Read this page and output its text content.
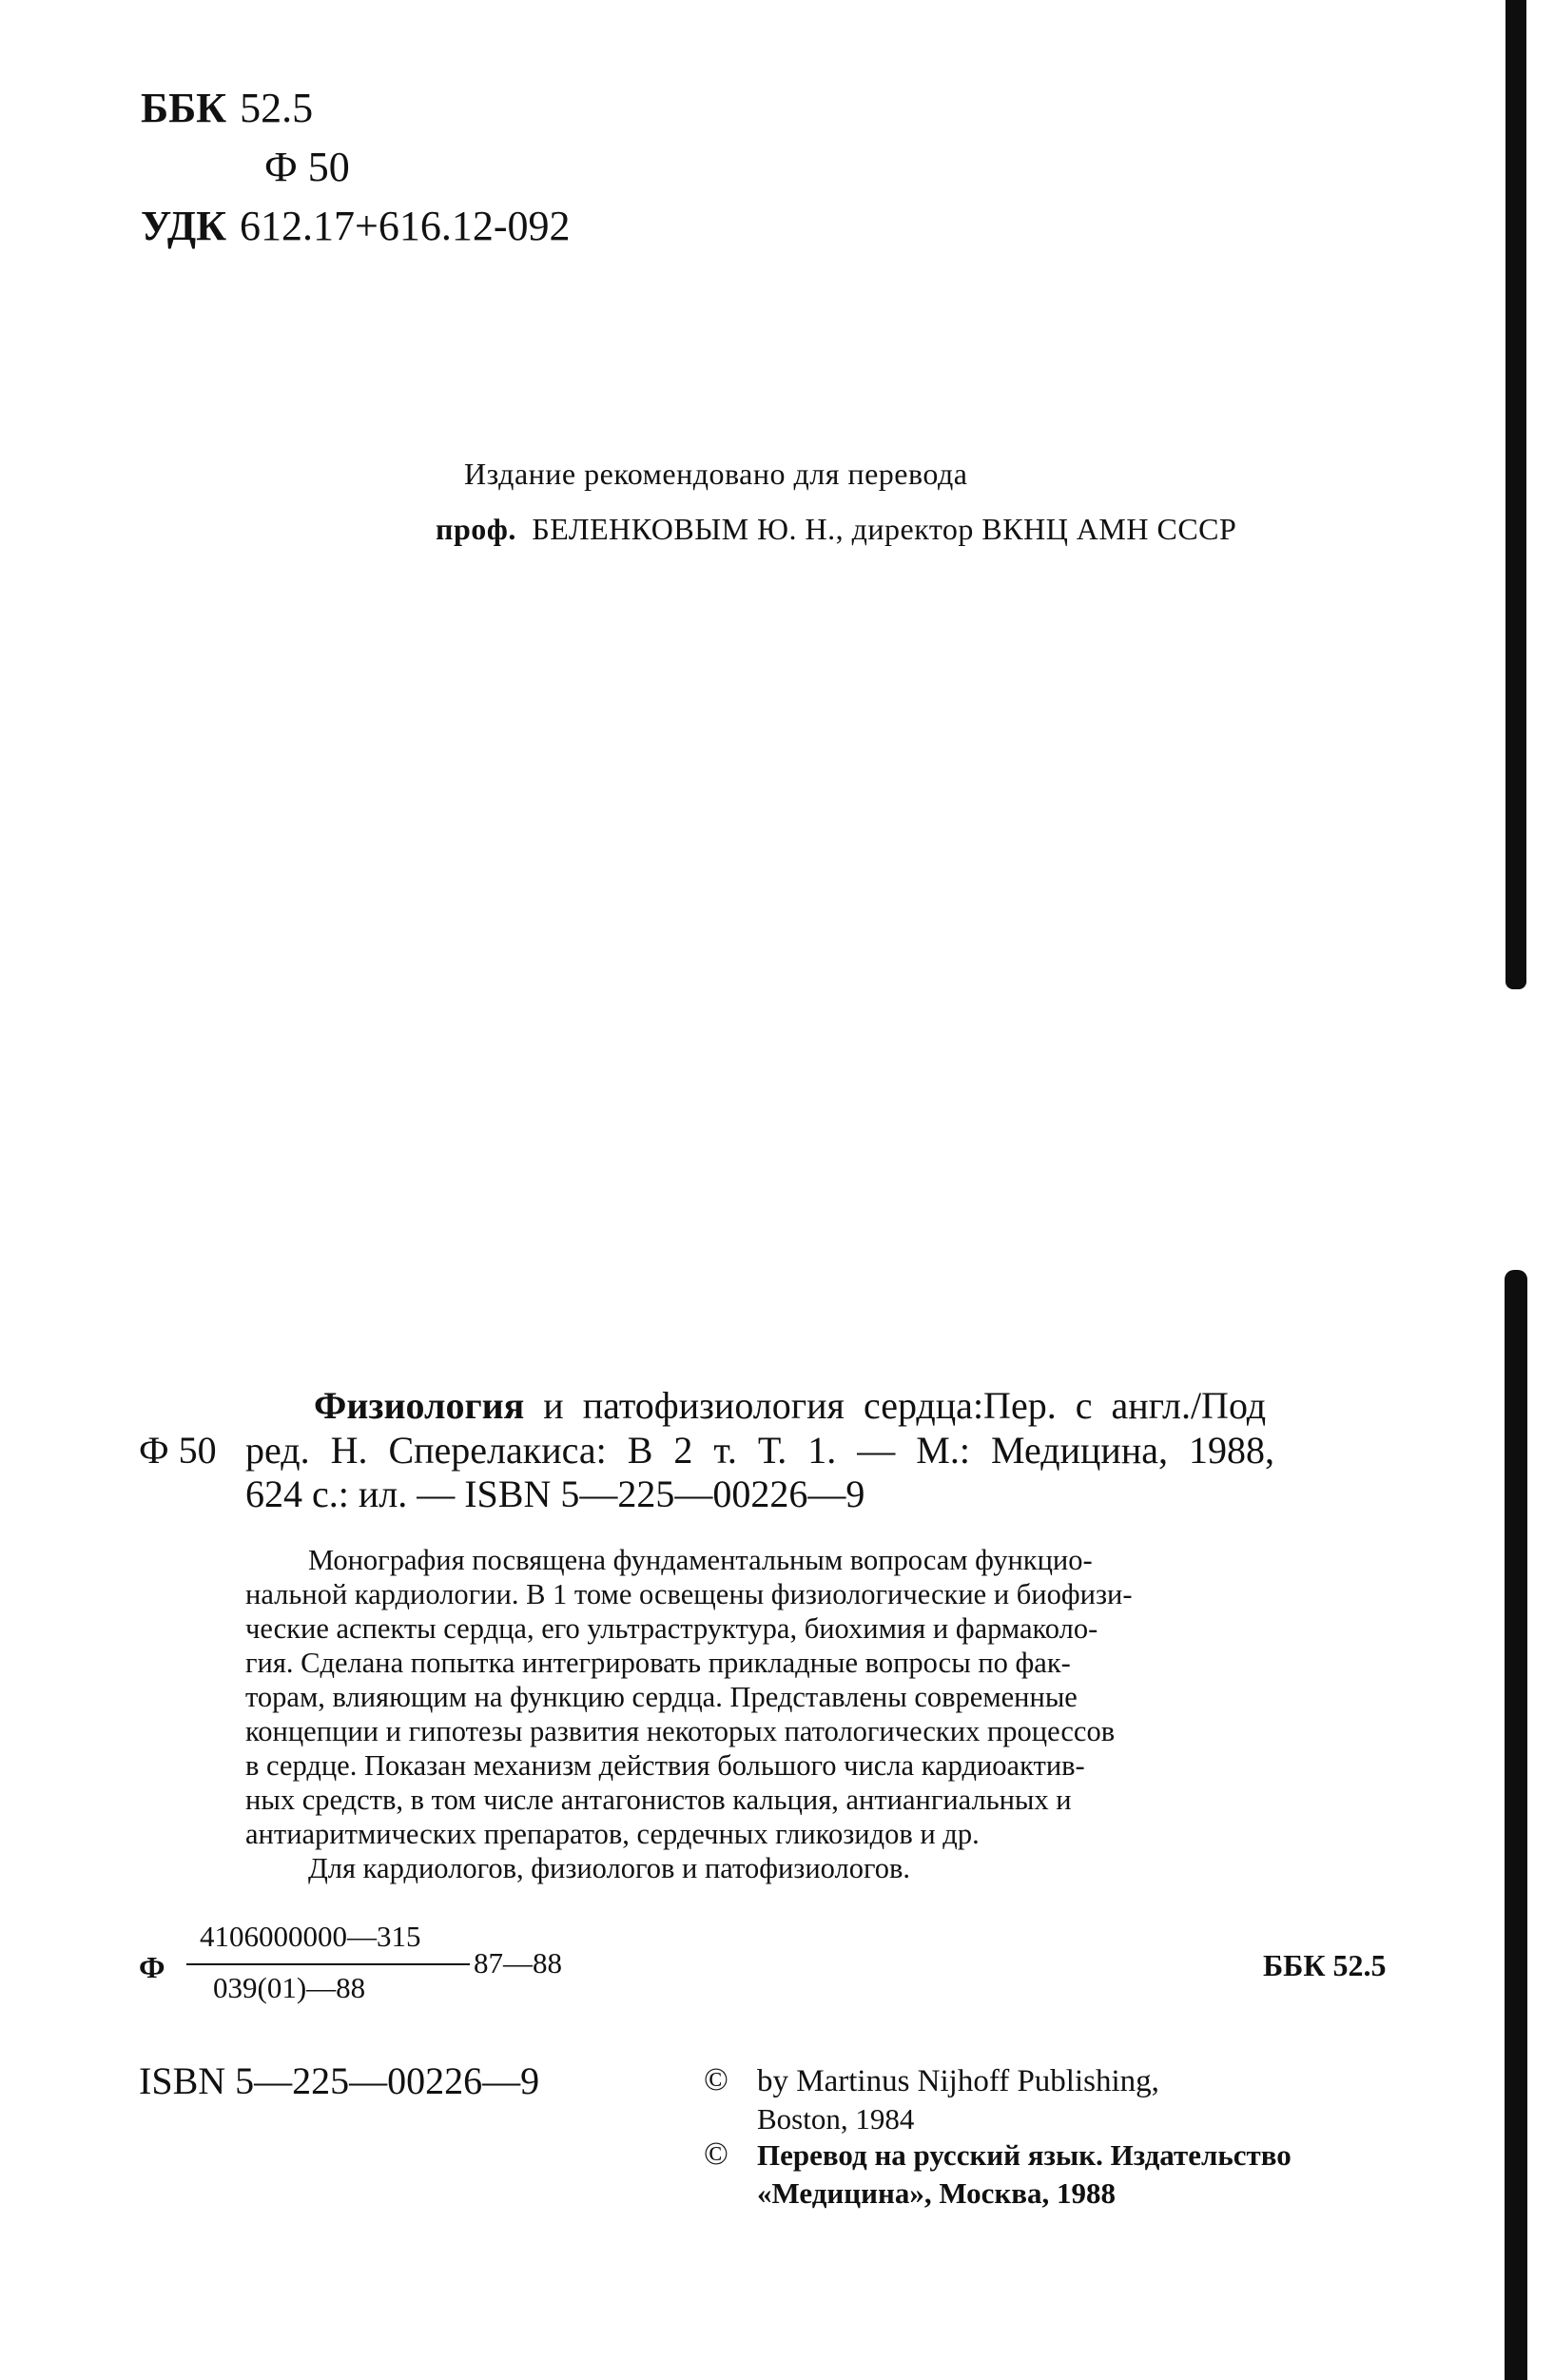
ББК 52.5
Ф 50
УДК 612.17+616.12-092
Издание рекомендовано для перевода
проф. БЕЛЕНКОВЫМ Ю. Н., директор ВКНЦ АМН СССР
Физиология и патофизиология сердца:Пер. с англ./Под
Ф 50 ред. Н. Сперелакиса: В 2 т. Т. 1. — М.: Медицина, 1988,
624 с.: ил. — ISBN 5—225—00226—9
Монография посвящена фундаментальным вопросам функцио-
нальной кардиологии. В 1 томе освещены физиологические и биофизи-
ческие аспекты сердца, его ультраструктура, биохимия и фармаколо-
гия. Сделана попытка интегрировать прикладные вопросы по фак-
торам, влияющим на функцию сердца. Представлены современные
концепции и гипотезы развития некоторых патологических процессов
в сердце. Показан механизм действия большого числа кардиоактив-
ных средств, в том числе антагонистов кальция, антиангиальных и
антиаритмических препаратов, сердечных гликозидов и др.
Для кардиологов, физиологов и патофизиологов.
Ф
4106000000—315
039(01)—88
87—88	ББК 52.5
ISBN 5—225—00226—9	© by Martinus Nijhoff Publishing,
Boston, 1984
© Перевод на русский язык. Издательство
«Медицина», Москва, 1988
